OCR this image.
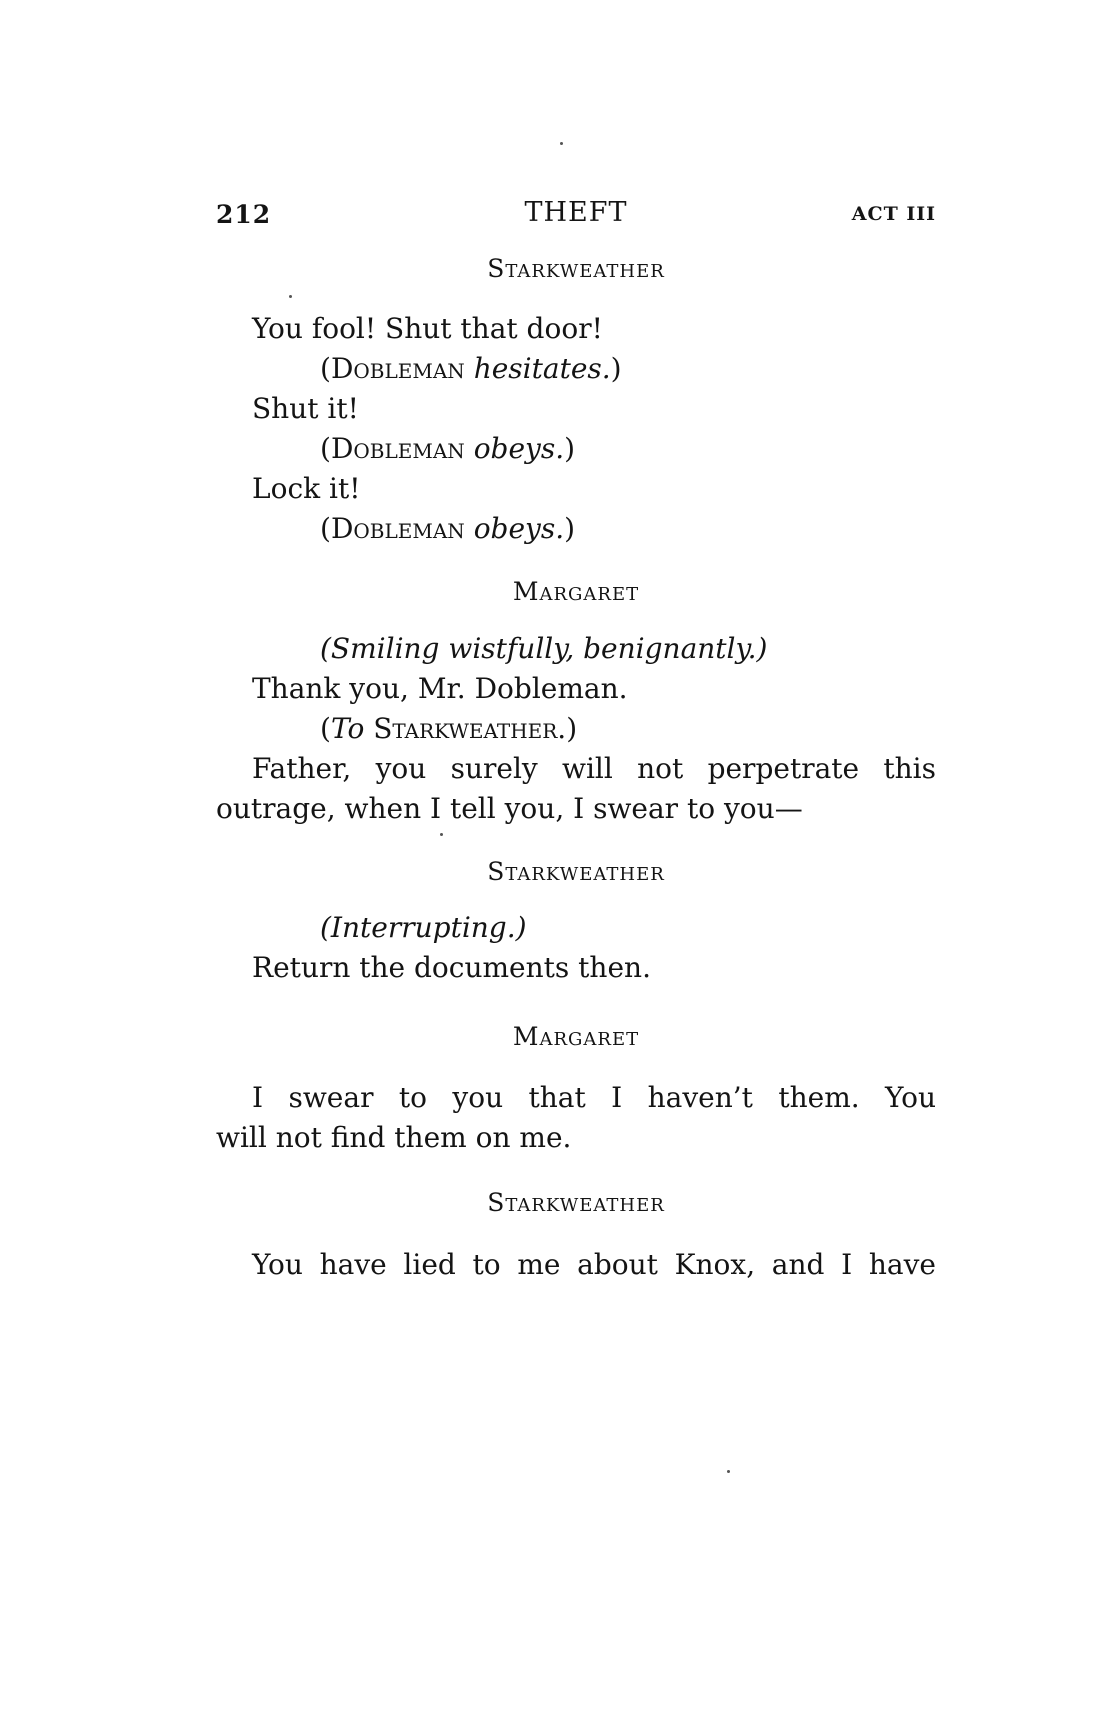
212	THEFT	ACT III
Starkweather
You fool! Shut that door!
(Dobleman hesitates.)
Shut it!
(Dobleman obeys.)
Lock it!
(Dobleman obeys.)
Margaret
(Smiling wistfully, benignantly.)
Thank you, Mr. Dobleman.
(To Starkweather.)
Father, you surely will not perpetrate this
outrage, when I tell you, I swear to you—
Starkweather
(Interrupting.)
Return the documents then.
Margaret
I swear to you that I haven’t them. You
will not find them on me.
Starkweather
You have lied to me about Knox, and I have
